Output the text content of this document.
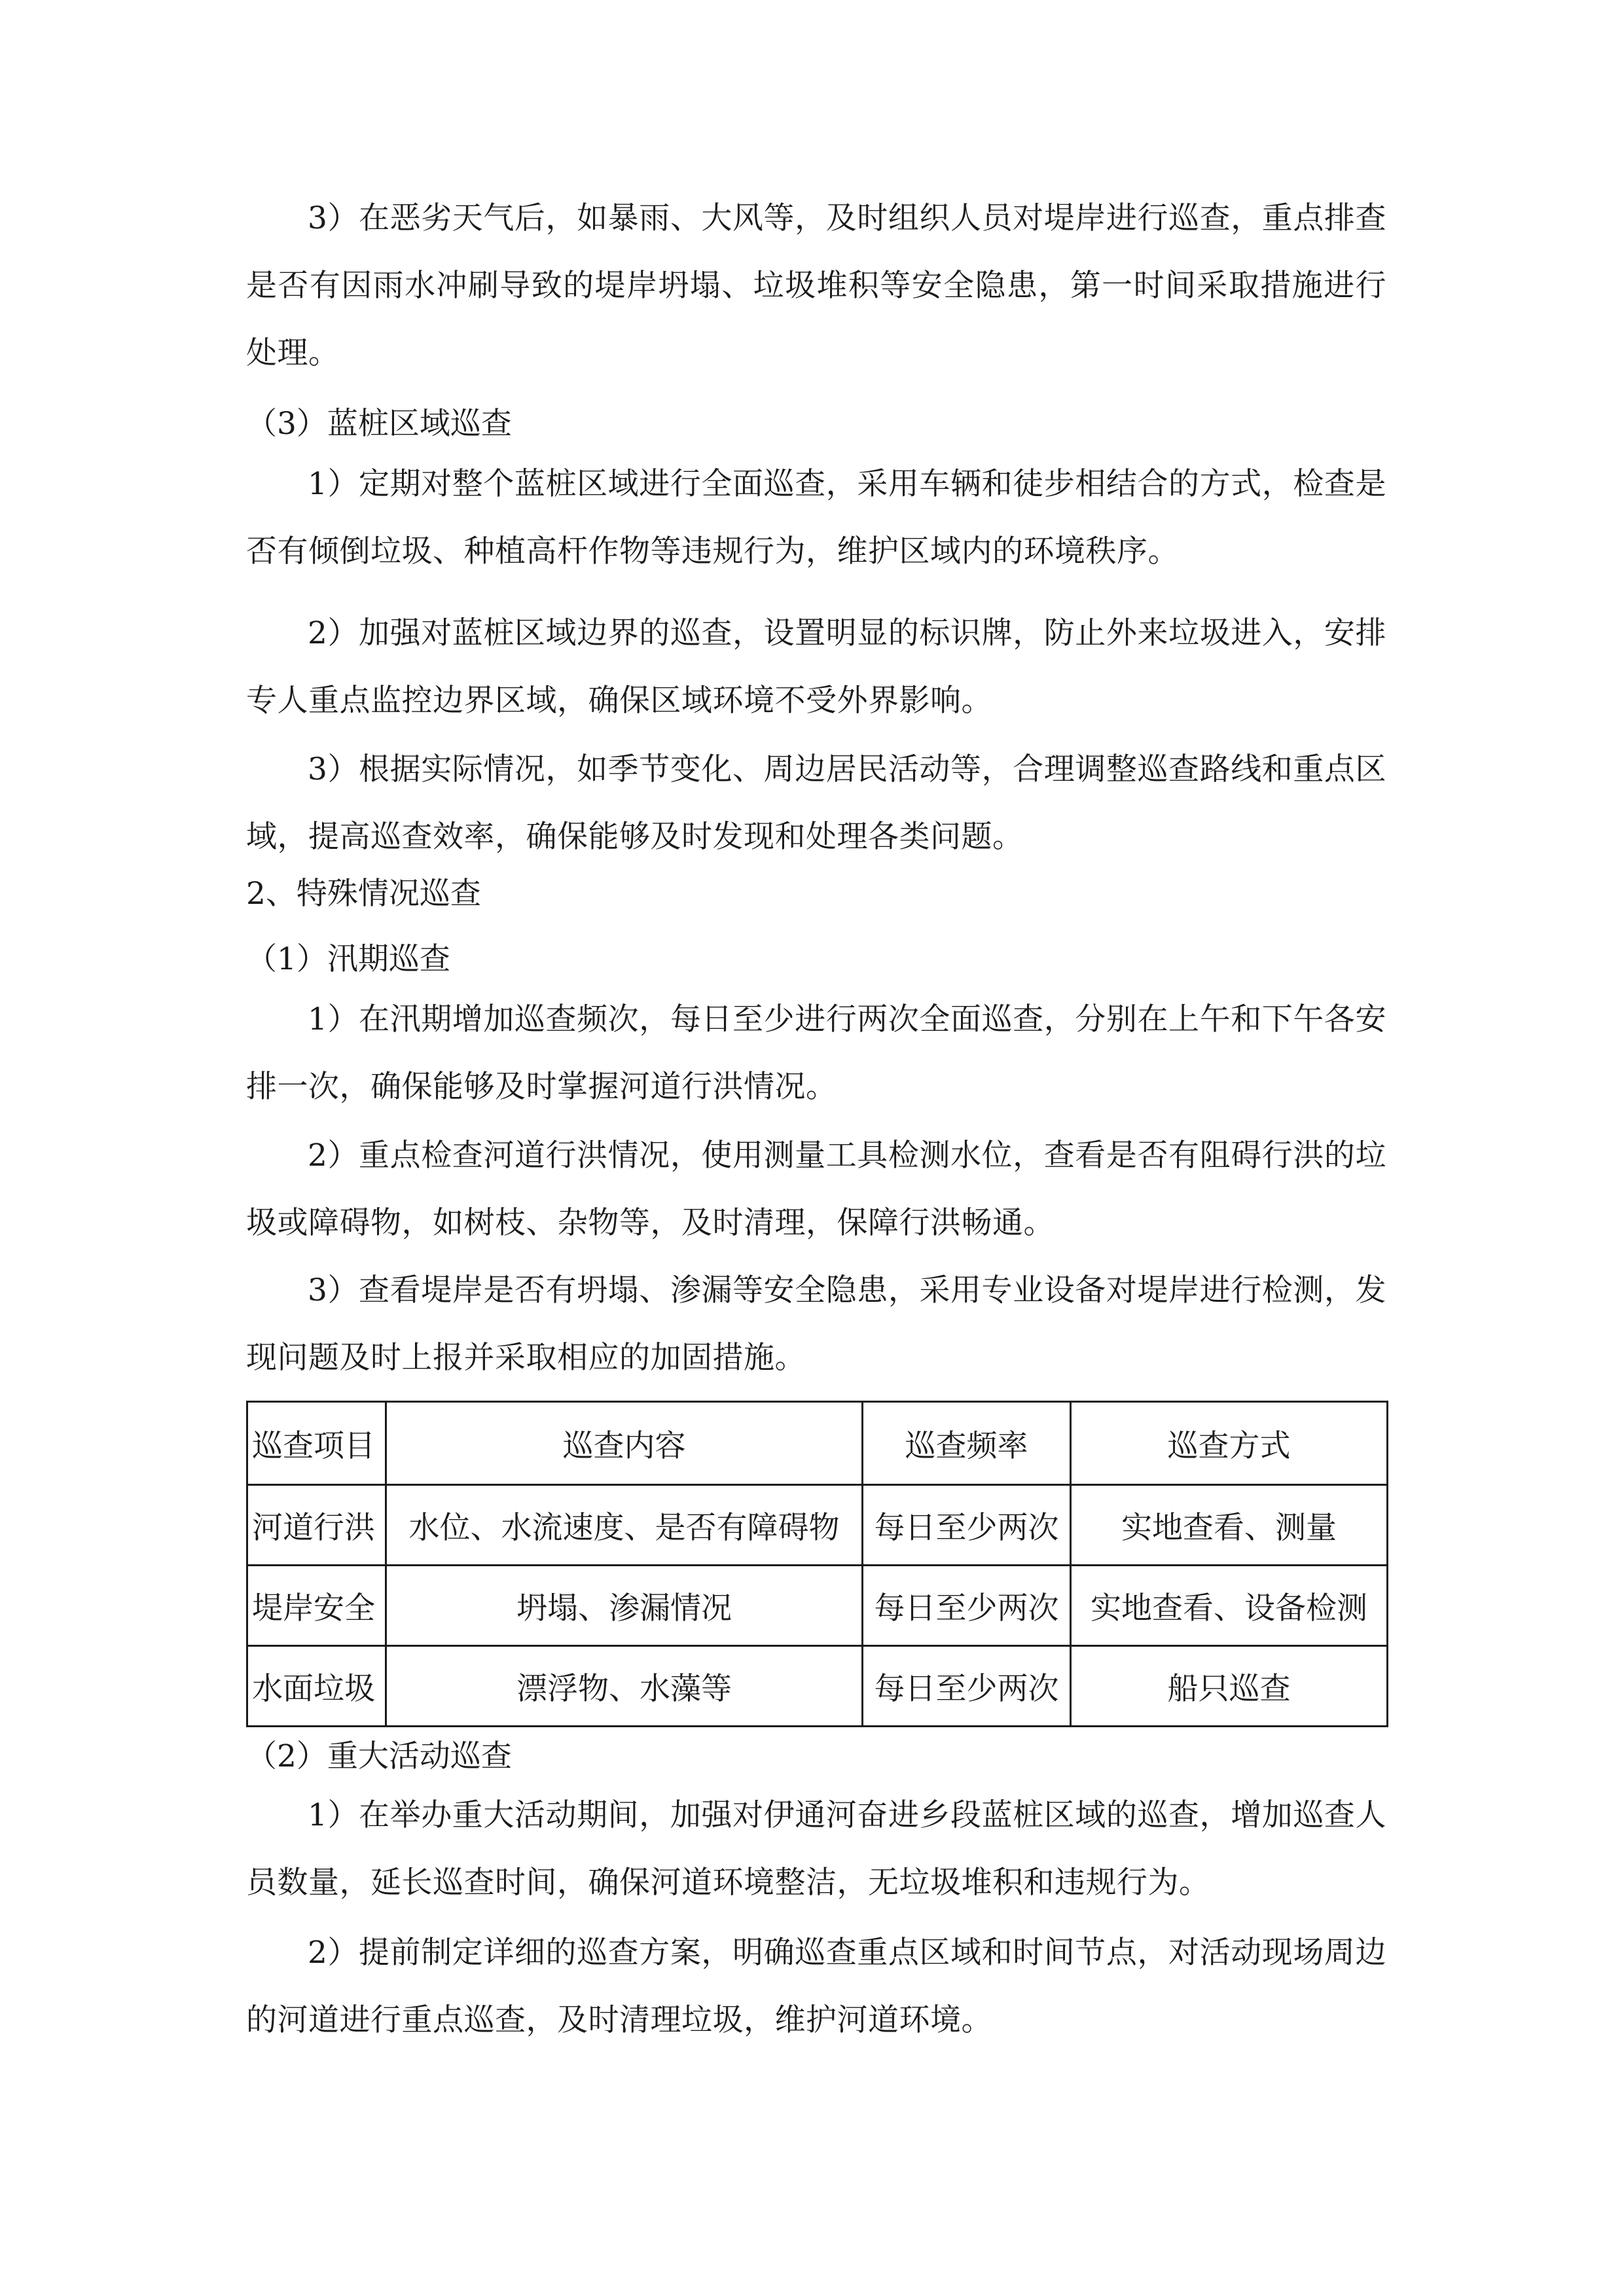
3）在恶劣天气后，如暴雨、大风等，及时组织人员对堤岸进行巡查，重点排查是否有因雨水冲刷导致的堤岸坍塌、垃圾堆积等安全隐患，第一时间采取措施进行处理。

（3）蓝桩区域巡查

1）定期对整个蓝桩区域进行全面巡查，采用车辆和徒步相结合的方式，检查是否有倾倒垃圾、种植高杆作物等违规行为，维护区域内的环境秩序。

2）加强对蓝桩区域边界的巡查，设置明显的标识牌，防止外来垃圾进入，安排专人重点监控边界区域，确保区域环境不受外界影响。

3）根据实际情况，如季节变化、周边居民活动等，合理调整巡查路线和重点区域，提高巡查效率，确保能够及时发现和处理各类问题。

2、特殊情况巡查

（1）汛期巡查

1）在汛期增加巡查频次，每日至少进行两次全面巡查，分别在上午和下午各安排一次，确保能够及时掌握河道行洪情况。

2）重点检查河道行洪情况，使用测量工具检测水位，查看是否有阻碍行洪的垃圾或障碍物，如树枝、杂物等，及时清理，保障行洪畅通。

3）查看堤岸是否有坍塌、渗漏等安全隐患，采用专业设备对堤岸进行检测，发现问题及时上报并采取相应的加固措施。

巡查项目	巡查内容	巡查频率	巡查方式
河道行洪	水位、水流速度、是否有障碍物	每日至少两次	实地查看、测量
堤岸安全	坍塌、渗漏情况	每日至少两次	实地查看、设备检测
水面垃圾	漂浮物、水藻等	每日至少两次	船只巡查

（2）重大活动巡查

1）在举办重大活动期间，加强对伊通河奋进乡段蓝桩区域的巡查，增加巡查人员数量，延长巡查时间，确保河道环境整洁，无垃圾堆积和违规行为。

2）提前制定详细的巡查方案，明确巡查重点区域和时间节点，对活动现场周边的河道进行重点巡查，及时清理垃圾，维护河道环境。
